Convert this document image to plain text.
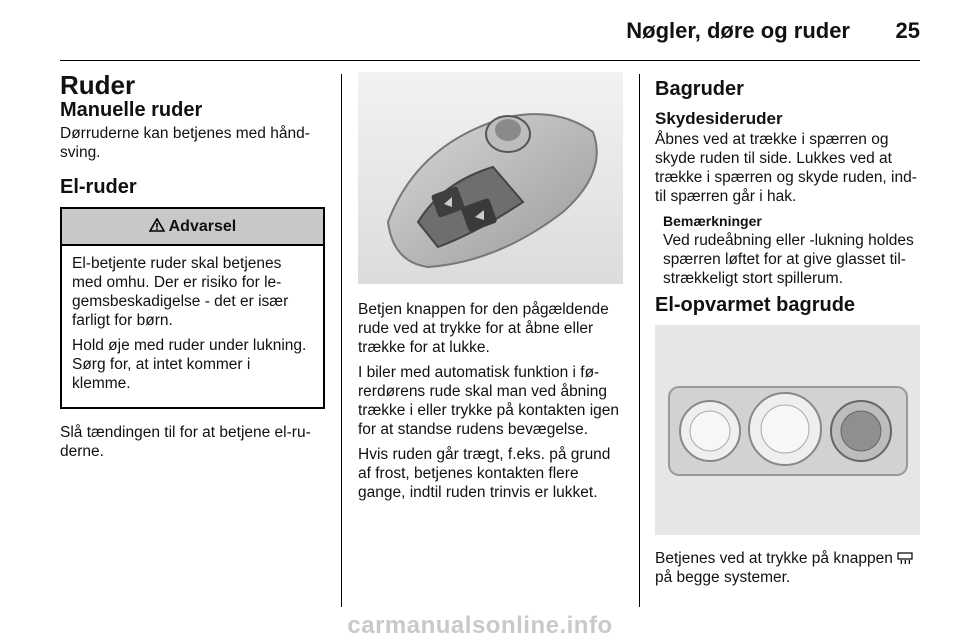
Nøgler, døre og ruder 25
Ruder
Manuelle ruder

Dørruderne kan betjenes med hånd-sving.

El-ruder
Advarsel

El-betjente ruder skal betjenes med omhu. Der er risiko for le-gemsbeskadigelse - det er især farligt for børn.

Hold øje med ruder under lukning. Sørg for, at intet kommer i klemme.

Slå tændingen til for at betjene el-ru-derne.

Betjen knappen for den pågældende rude ved at trykke for at åbne eller trække for at lukke.

I biler med automatisk funktion i fø-rerdørens rude skal man ved åbning trække i eller trykke på kontakten igen for at standse rudens bevægelse.

Hvis ruden går trægt, f.eks. på grund af frost, betjenes kontakten flere gange, indtil ruden trinvis er lukket.

Bagruder
Skydesideruder

Åbnes ved at trække i spærren og skyde ruden til side. Lukkes ved at trække i spærren og skyde ruden, ind-til spærren går i hak.

Bemærkninger

Ved rudeåbning eller -lukning holdes spærren løftet for at give glasset til-strækkeligt stort spillerum.

El-opvarmet bagrude

Betjenes ved at trykke på knappen  på begge systemer.

carmanualsonline.info
